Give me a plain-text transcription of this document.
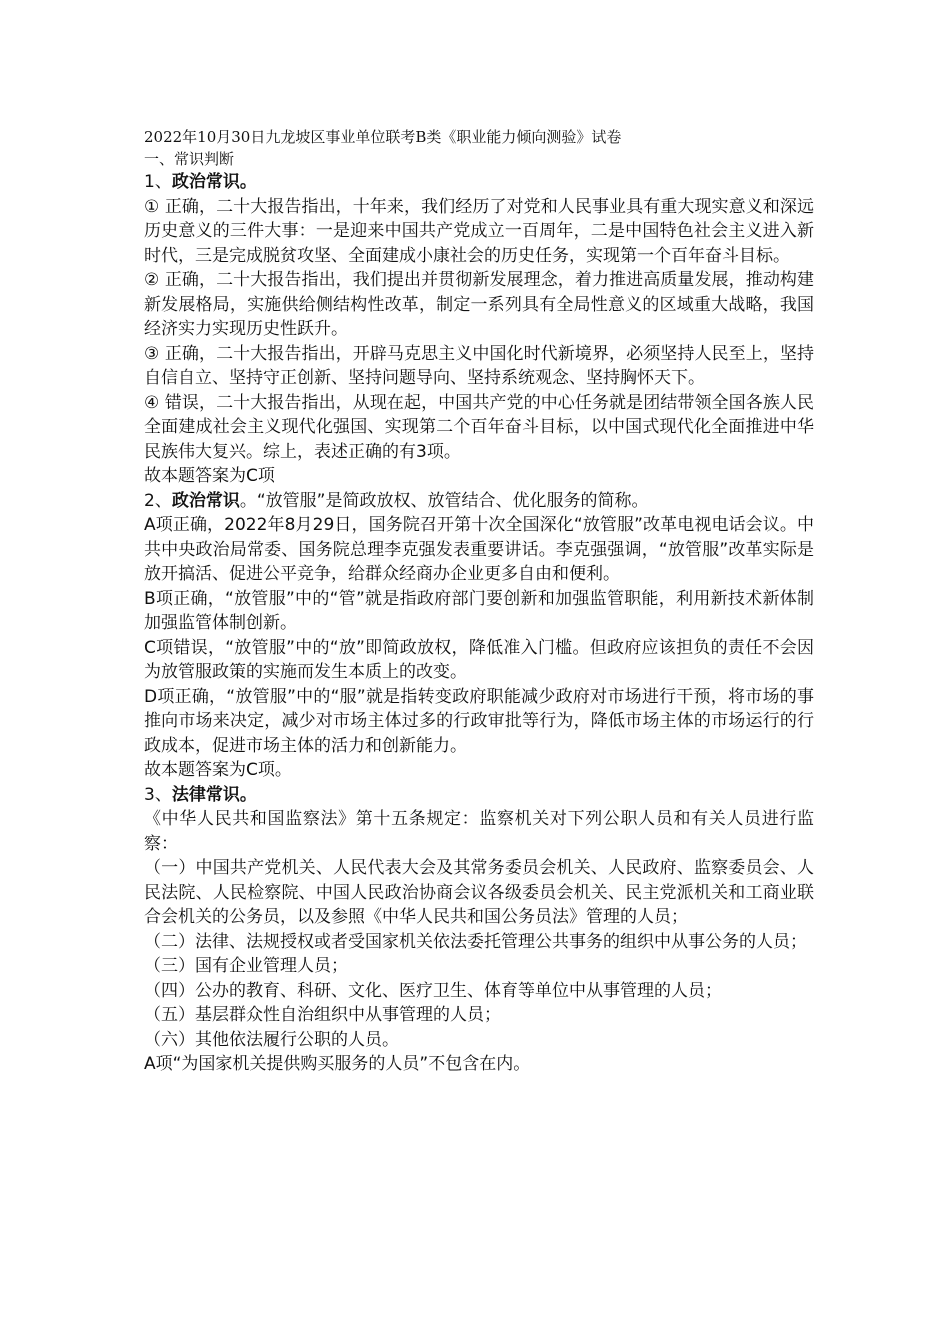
2022年10月30日九龙坡区事业单位联考B类《职业能力倾向测验》试卷

一、常识判断

1、政治常识。

① 正确，二十大报告指出，十年来，我们经历了对党和人民事业具有重大现实意义和深远历史意义的三件大事：一是迎来中国共产党成立一百周年，二是中国特色社会主义进入新时代，三是完成脱贫攻坚、全面建成小康社会的历史任务，实现第一个百年奋斗目标。

② 正确，二十大报告指出，我们提出并贯彻新发展理念，着力推进高质量发展，推动构建新发展格局，实施供给侧结构性改革，制定一系列具有全局性意义的区域重大战略，我国经济实力实现历史性跃升。

③ 正确，二十大报告指出，开辟马克思主义中国化时代新境界，必须坚持人民至上，坚持自信自立、坚持守正创新、坚持问题导向、坚持系统观念、坚持胸怀天下。

④ 错误，二十大报告指出，从现在起，中国共产党的中心任务就是团结带领全国各族人民全面建成社会主义现代化强国、实现第二个百年奋斗目标，以中国式现代化全面推进中华民族伟大复兴。综上，表述正确的有3项。

故本题答案为C项

2、政治常识。“放管服”是简政放权、放管结合、优化服务的简称。

A项正确，2022年8月29日，国务院召开第十次全国深化“放管服”改革电视电话会议。中共中央政治局常委、国务院总理李克强发表重要讲话。李克强强调，“放管服”改革实际是放开搞活、促进公平竞争，给群众经商办企业更多自由和便利。

B项正确，“放管服”中的“管”就是指政府部门要创新和加强监管职能，利用新技术新体制加强监管体制创新。

C项错误，“放管服”中的“放”即简政放权，降低准入门槛。但政府应该担负的责任不会因为放管服政策的实施而发生本质上的改变。

D项正确，“放管服”中的“服”就是指转变政府职能减少政府对市场进行干预，将市场的事推向市场来决定，减少对市场主体过多的行政审批等行为，降低市场主体的市场运行的行政成本，促进市场主体的活力和创新能力。

故本题答案为C项。

3、法律常识。

《中华人民共和国监察法》第十五条规定：监察机关对下列公职人员和有关人员进行监察：

（一）中国共产党机关、人民代表大会及其常务委员会机关、人民政府、监察委员会、人民法院、人民检察院、中国人民政治协商会议各级委员会机关、民主党派机关和工商业联合会机关的公务员，以及参照《中华人民共和国公务员法》管理的人员；

（二）法律、法规授权或者受国家机关依法委托管理公共事务的组织中从事公务的人员；

（三）国有企业管理人员；

（四）公办的教育、科研、文化、医疗卫生、体育等单位中从事管理的人员；

（五）基层群众性自治组织中从事管理的人员；

（六）其他依法履行公职的人员。

A项“为国家机关提供购买服务的人员”不包含在内。
